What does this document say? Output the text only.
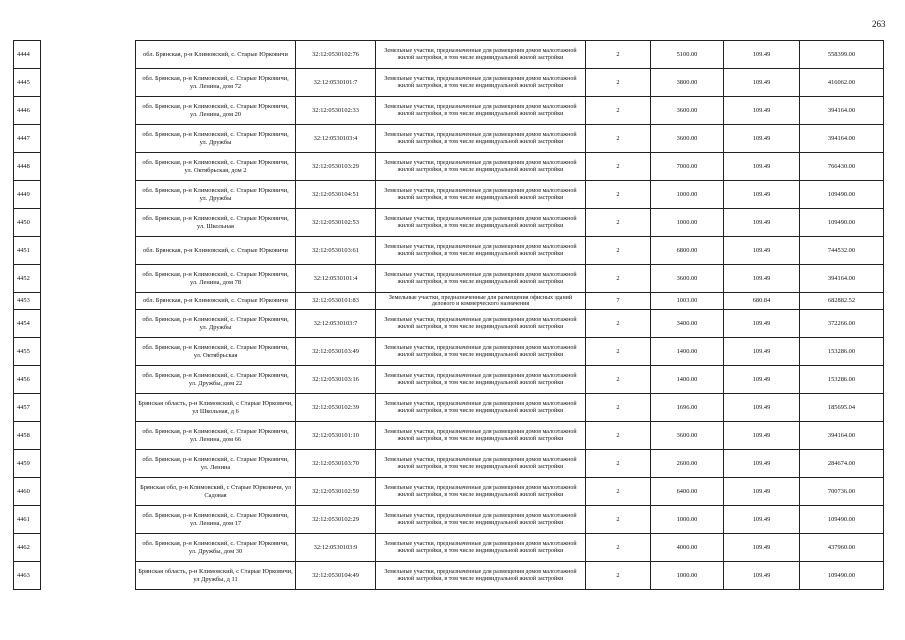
263
4444		обл. Брянская, р-н Климовский, с. Старые Юрковичи	32:12:0530102:76	Земельные участки, предназначенные для размещения домов малоэтажной жилой застройки, в том числе индивидуальной жилой застройки	2	5100.00	109.49	558399.00
4445		обл. Брянская, р-н Климовский, с. Старые Юрковичи, ул. Ленина, дом 72	32:12:0530101:7	Земельные участки, предназначенные для размещения домов малоэтажной жилой застройки, в том числе индивидуальной жилой застройки	2	3800.00	109.49	416062.00
4446		обл. Брянская, р-н Климовский, с. Старые Юрковичи, ул. Ленина, дом 20	32:12:0530102:33	Земельные участки, предназначенные для размещения домов малоэтажной жилой застройки, в том числе индивидуальной жилой застройки	2	3600.00	109.49	394164.00
4447		обл. Брянская, р-н Климовский, с. Старые Юрковичи, ул. Дружбы	32:12:0530103:4	Земельные участки, предназначенные для размещения домов малоэтажной жилой застройки, в том числе индивидуальной жилой застройки	2	3600.00	109.49	394164.00
4448		обл. Брянская, р-н Климовский, с. Старые Юрковичи, ул. Октябрьская, дом 2	32:12:0530103:29	Земельные участки, предназначенные для размещения домов малоэтажной жилой застройки, в том числе индивидуальной жилой застройки	2	7000.00	109.49	766430.00
4449		обл. Брянская, р-н Климовский, с. Старые Юрковичи, ул. Дружбы	32:12:0530104:51	Земельные участки, предназначенные для размещения домов малоэтажной жилой застройки, в том числе индивидуальной жилой застройки	2	1000.00	109.49	109490.00
4450		обл. Брянская, р-н Климовский, с. Старые Юрковичи, ул. Школьная	32:12:0530102:53	Земельные участки, предназначенные для размещения домов малоэтажной жилой застройки, в том числе индивидуальной жилой застройки	2	1000.00	109.49	109490.00
4451		обл. Брянская, р-н Климовский, с. Старые Юрковичи	32:12:0530103:61	Земельные участки, предназначенные для размещения домов малоэтажной жилой застройки, в том числе индивидуальной жилой застройки	2	6800.00	109.49	744532.00
4452		обл. Брянская, р-н Климовский, с. Старые Юрковичи, ул. Ленина, дом 78	32:12:0530101:4	Земельные участки, предназначенные для размещения домов малоэтажной жилой застройки, в том числе индивидуальной жилой застройки	2	3600.00	109.49	394164.00
4453		обл. Брянская, р-н Климовский, с. Старые Юрковичи	32:12:0530101:83	Земельные участки, предназначенные для размещения офисных зданий делового и коммерческого назначения	7	1003.00	680.84	682882.52
4454		обл. Брянская, р-н Климовский, с. Старые Юрковичи, ул. Дружбы	32:12:0530103:7	Земельные участки, предназначенные для размещения домов малоэтажной жилой застройки, в том числе индивидуальной жилой застройки	2	3400.00	109.49	372266.00
4455		обл. Брянская, р-н Климовский, с. Старые Юрковичи, ул. Октябрьская	32:12:0530103:49	Земельные участки, предназначенные для размещения домов малоэтажной жилой застройки, в том числе индивидуальной жилой застройки	2	1400.00	109.49	153286.00
4456		обл. Брянская, р-н Климовский, с. Старые Юрковичи, ул. Дружбы, дом 22	32:12:0530103:16	Земельные участки, предназначенные для размещения домов малоэтажной жилой застройки, в том числе индивидуальной жилой застройки	2	1400.00	109.49	153286.00
4457		Брянская область, р-н Климовский, с Старые Юрковичи, ул Школьная, д 6	32:12:0530102:39	Земельные участки, предназначенные для размещения домов малоэтажной жилой застройки, в том числе индивидуальной жилой застройки	2	1696.00	109.49	185695.04
4458		обл. Брянская, р-н Климовский, с. Старые Юрковичи, ул. Ленина, дом 66	32:12:0530101:10	Земельные участки, предназначенные для размещения домов малоэтажной жилой застройки, в том числе индивидуальной жилой застройки	2	3600.00	109.49	394164.00
4459		обл. Брянская, р-н Климовский, с. Старые Юрковичи, ул. Ленина	32:12:0530103:70	Земельные участки, предназначенные для размещения домов малоэтажной жилой застройки, в том числе индивидуальной жилой застройки	2	2600.00	109.49	284674.00
4460		Брянская обл, р-н Климовский, с Старые Юрковичи, ул Садовая	32:12:0530102:59	Земельные участки, предназначенные для размещения домов малоэтажной жилой застройки, в том числе индивидуальной жилой застройки	2	6400.00	109.49	700736.00
4461		обл. Брянская, р-н Климовский, с. Старые Юрковичи, ул. Ленина, дом 17	32:12:0530102:29	Земельные участки, предназначенные для размещения домов малоэтажной жилой застройки, в том числе индивидуальной жилой застройки	2	1000.00	109.49	109490.00
4462		обл. Брянская, р-н Климовский, с. Старые Юрковичи, ул. Дружбы, дом 30	32:12:0530103:9	Земельные участки, предназначенные для размещения домов малоэтажной жилой застройки, в том числе индивидуальной жилой застройки	2	4000.00	109.49	437960.00
4463		Брянская область, р-н Климовский, с Старые Юрковичи, ул Дружбы, д 11	32:12:0530104:49	Земельные участки, предназначенные для размещения домов малоэтажной жилой застройки, в том числе индивидуальной жилой застройки	2	1000.00	109.49	109490.00
